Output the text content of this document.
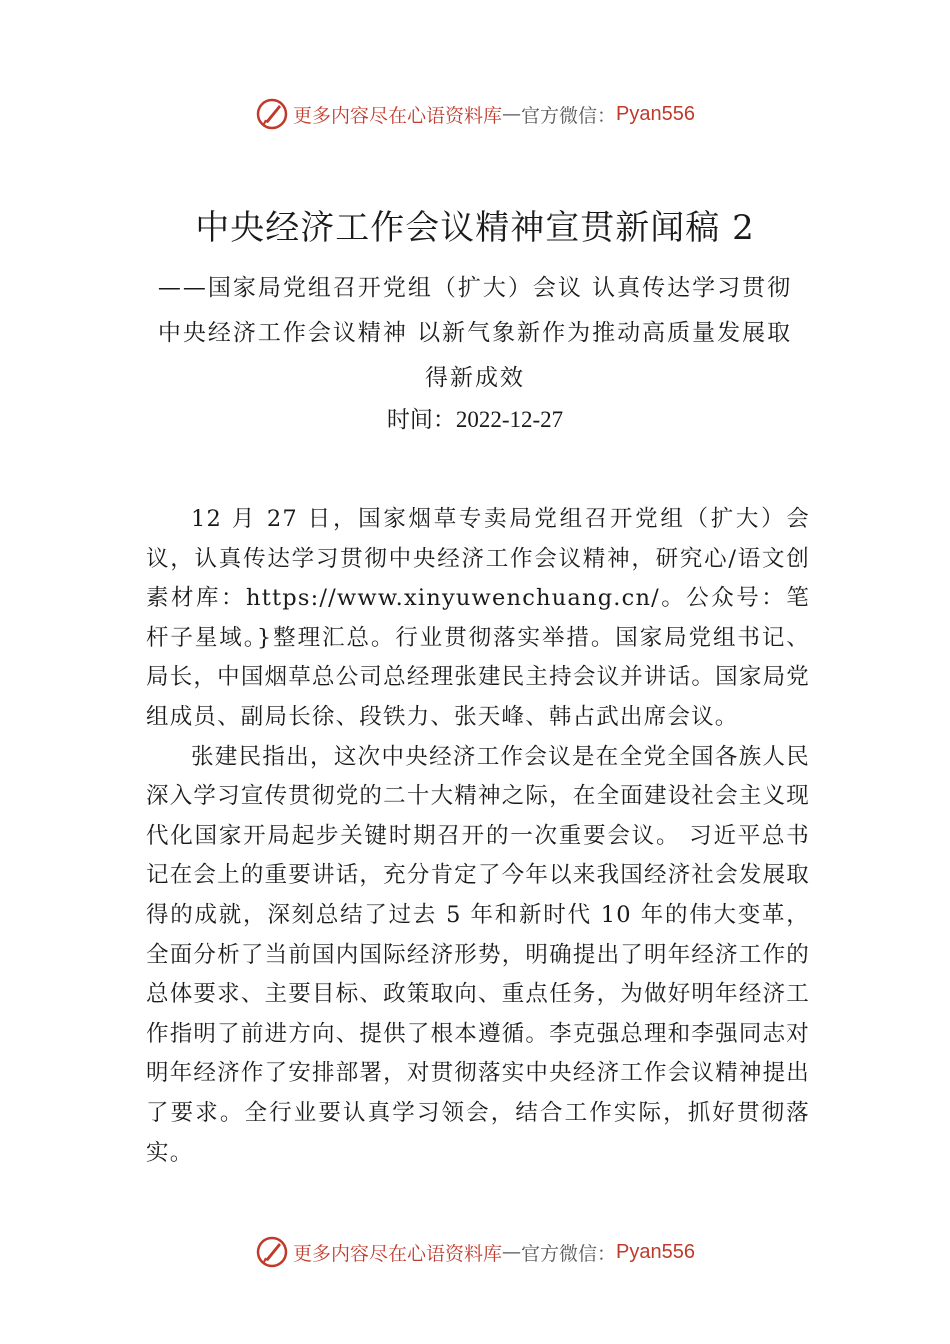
更多内容尽在心语资料库 — 官方微信： Pyan556
中央经济工作会议精神宣贯新闻稿 2

——国家局党组召开党组（扩大）会议 认真传达学习贯彻中央经济工作会议精神 以新气象新作为推动高质量发展取得新成效

时间：2022-12-27

12 月 27 日，国家烟草专卖局党组召开党组（扩大）会议，认真传达学习贯彻中央经济工作会议精神，研究心/语文创素材库：https://www.xinyuwenchuang.cn/。公众号：笔杆子星域。}整理汇总。行业贯彻落实举措。国家局党组书记、局长，中国烟草总公司总经理张建民主持会议并讲话。国家局党组成员、副局长徐、段铁力、张天峰、韩占武出席会议。

张建民指出，这次中央经济工作会议是在全党全国各族人民深入学习宣传贯彻党的二十大精神之际，在全面建设社会主义现代化国家开局起步关键时期召开的一次重要会议。 习近平总书记在会上的重要讲话，充分肯定了今年以来我国经济社会发展取得的成就，深刻总结了过去 5 年和新时代 10 年的伟大变革，全面分析了当前国内国际经济形势，明确提出了明年经济工作的总体要求、主要目标、政策取向、重点任务，为做好明年经济工作指明了前进方向、提供了根本遵循。李克强总理和李强同志对明年经济作了安排部署，对贯彻落实中央经济工作会议精神提出了要求。全行业要认真学习领会，结合工作实际，抓好贯彻落实。

更多内容尽在心语资料库 — 官方微信： Pyan556
